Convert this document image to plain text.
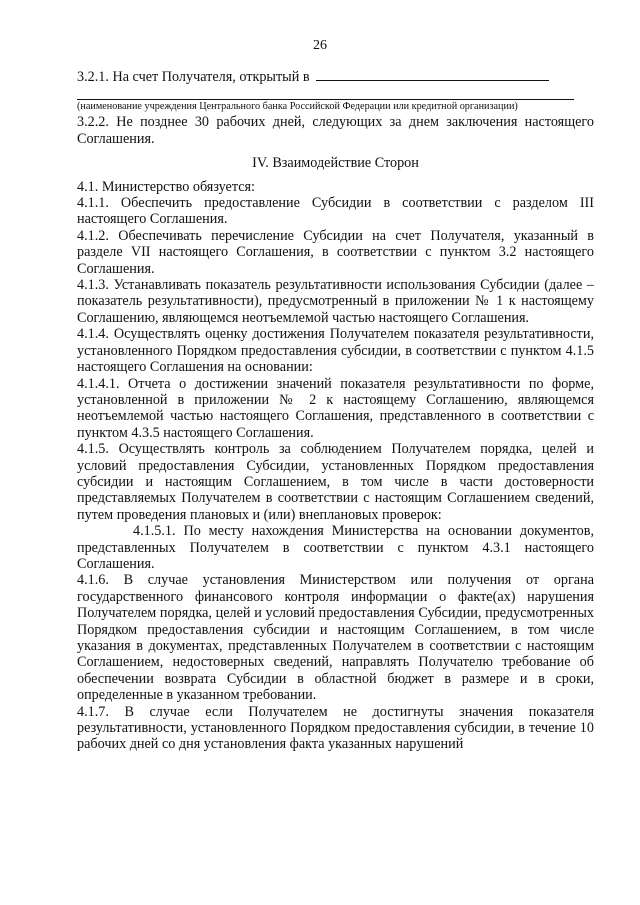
26

3.2.1. На счет Получателя, открытый в

(наименование учреждения Центрального банка Российской Федерации или кредитной организации)

3.2.2. Не позднее 30 рабочих дней, следующих за днем заключения настоящего Соглашения.

IV. Взаимодействие Сторон

4.1. Министерство обязуется:

4.1.1. Обеспечить предоставление Субсидии в соответствии с разделом III настоящего Соглашения.

4.1.2. Обеспечивать перечисление Субсидии на счет Получателя, указанный в разделе VII настоящего Соглашения, в соответствии с пунктом 3.2 настоящего Соглашения.

4.1.3. Устанавливать показатель результативности использования Субсидии (далее – показатель результативности), предусмотренный в приложении № 1 к настоящему Соглашению, являющемся неотъемлемой частью настоящего Соглашения.

4.1.4. Осуществлять оценку достижения Получателем показателя результативности, установленного Порядком предоставления субсидии, в соответствии с пунктом 4.1.5 настоящего Соглашения на основании:

4.1.4.1. Отчета о достижении значений показателя результативности по форме, установленной в приложении № 2 к настоящему Соглашению, являющемся неотъемлемой частью настоящего Соглашения, представленного в соответствии с пунктом 4.3.5 настоящего Соглашения.

4.1.5. Осуществлять контроль за соблюдением Получателем порядка, целей и условий предоставления Субсидии, установленных Порядком предоставления субсидии и настоящим Соглашением, в том числе в части достоверности представляемых Получателем в соответствии с настоящим Соглашением сведений, путем проведения плановых и (или) внеплановых проверок:

4.1.5.1. По месту нахождения Министерства на основании документов, представленных Получателем в соответствии с пунктом 4.3.1 настоящего Соглашения.

4.1.6. В случае установления Министерством или получения от органа государственного финансового контроля информации о факте(ах) нарушения Получателем порядка, целей и условий предоставления Субсидии, предусмотренных Порядком предоставления субсидии и настоящим Соглашением, в том числе указания в документах, представленных Получателем в соответствии с настоящим Соглашением, недостоверных сведений, направлять Получателю требование об обеспечении возврата Субсидии в областной бюджет в размере и в сроки, определенные в указанном требовании.

4.1.7. В случае если Получателем не достигнуты значения показателя результативности, установленного Порядком предоставления субсидии, в течение 10 рабочих дней со дня установления факта указанных нарушений
